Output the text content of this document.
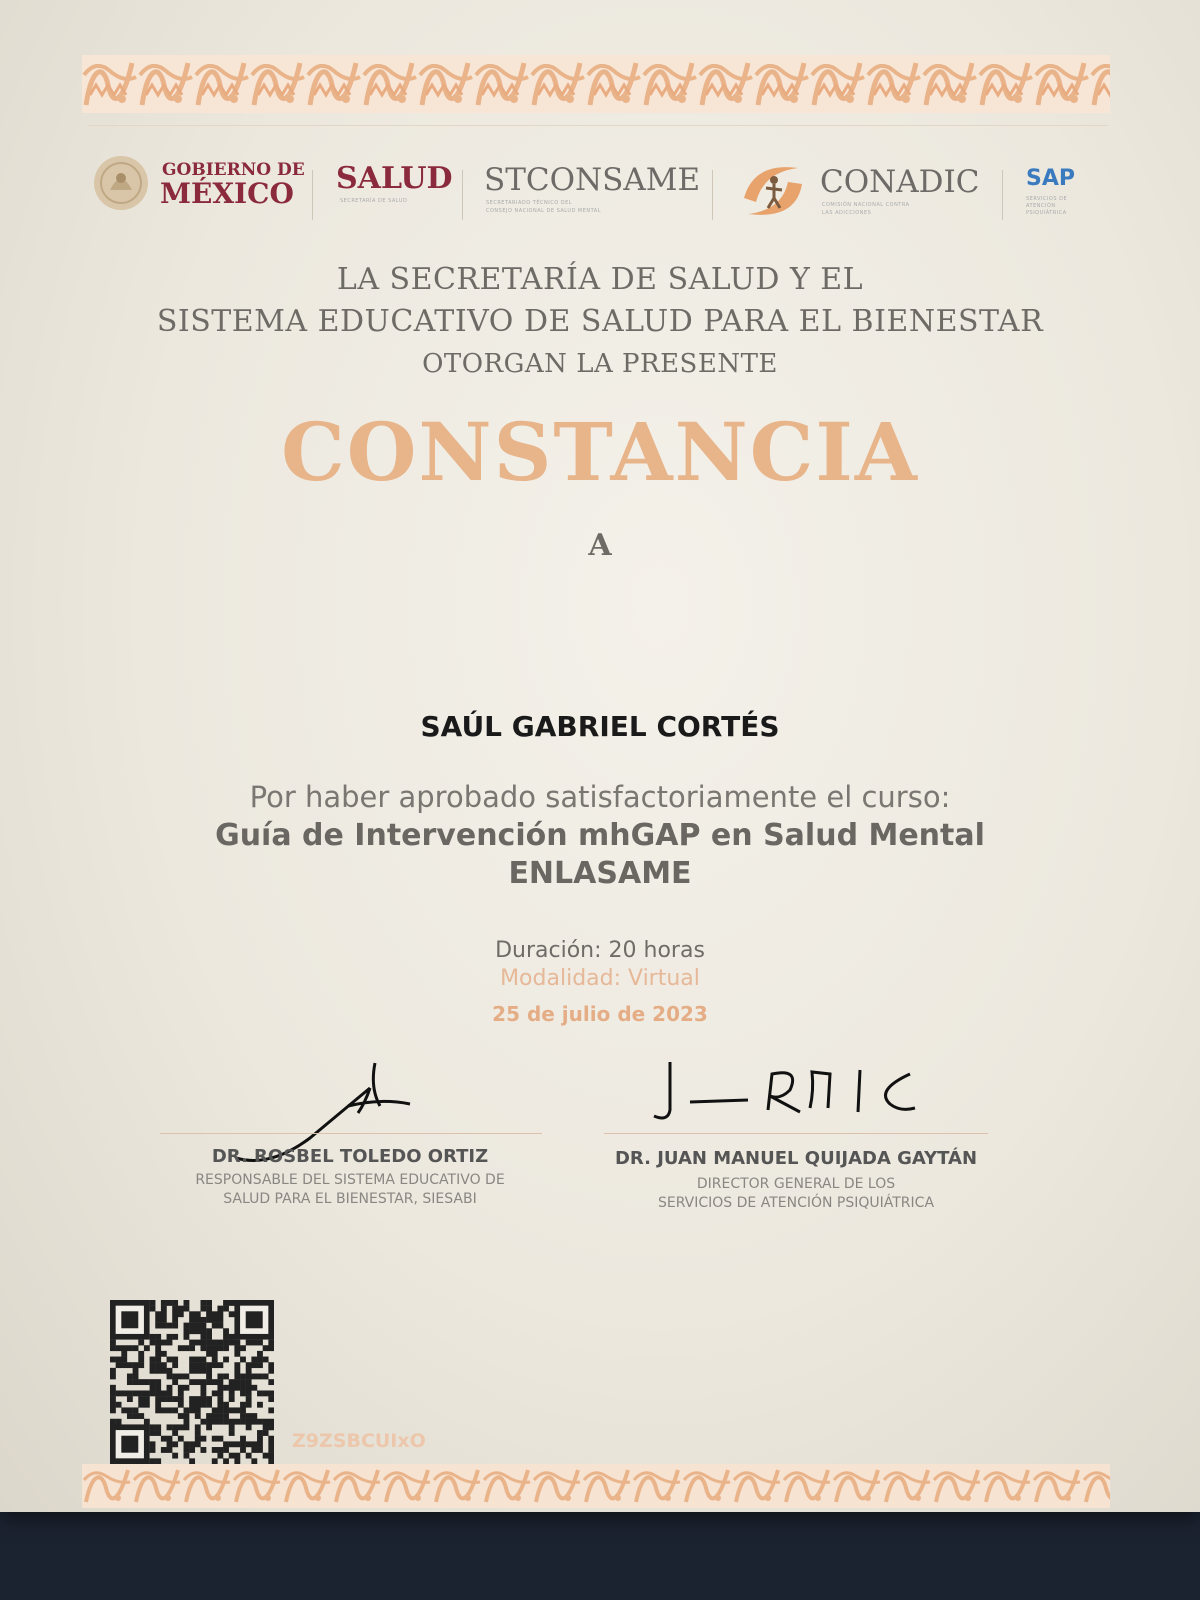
GOBIERNO DE
MÉXICO SALUD
SECRETARÍA DE SALUD
STCONSAME
SECRETARIADO TÉCNICO DEL
CONSEJO NACIONAL DE SALUD MENTAL
CONADIC
COMISIÓN NACIONAL CONTRA
LAS ADICCIONES
SAP
SERVICIOS DE
ATENCIÓN
PSIQUIÁTRICA
LA SECRETARÍA DE SALUD Y EL
SISTEMA EDUCATIVO DE SALUD PARA EL BIENESTAR
OTORGAN LA PRESENTE
CONSTANCIA
A
SAÚL GABRIEL CORTÉS
Por haber aprobado satisfactoriamente el curso:
Guía de Intervención mhGAP en Salud Mental
ENLASAME
Duración: 20 horas
Modalidad: Virtual
25 de julio de 2023
DR. ROSBEL TOLEDO ORTIZ
RESPONSABLE DEL SISTEMA EDUCATIVO DE
SALUD PARA EL BIENESTAR, SIESABI
DR. JUAN MANUEL QUIJADA GAYTÁN
DIRECTOR GENERAL DE LOS
SERVICIOS DE ATENCIÓN PSIQUIÁTRICA
Z9ZSBCUIxO
